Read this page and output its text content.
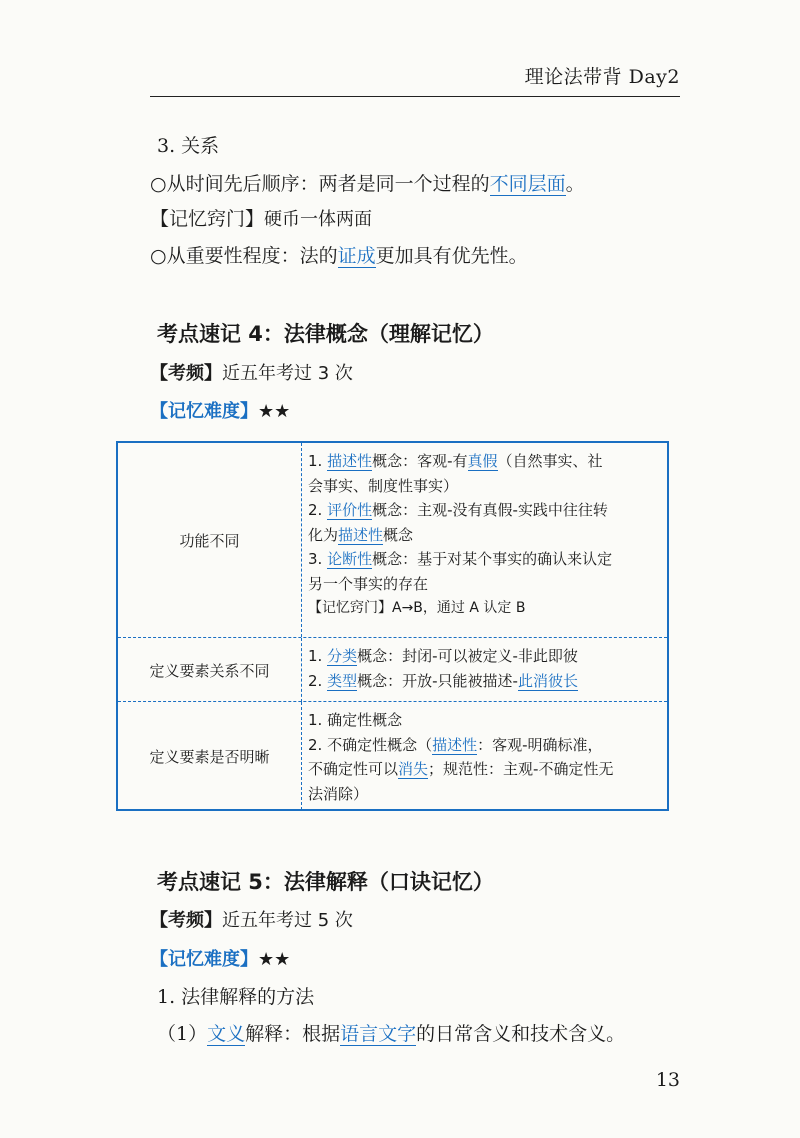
理论法带背 Day2
3. 关系
○从时间先后顺序：两者是同一个过程的不同层面。
【记忆窍门】硬币一体两面
○从重要性程度：法的证成更加具有优先性。
考点速记 4：法律概念（理解记忆）
【考频】近五年考过 3 次
【记忆难度】★★
功能不同
1. 描述性概念：客观-有真假（自然事实、社
会事实、制度性事实）
2. 评价性概念：主观-没有真假-实践中往往转
化为描述性概念
3. 论断性概念：基于对某个事实的确认来认定
另一个事实的存在
【记忆窍门】A→B，通过 A 认定 B
定义要素关系不同
1. 分类概念：封闭-可以被定义-非此即彼
2. 类型概念：开放-只能被描述-此消彼长
定义要素是否明晰
1. 确定性概念
2. 不确定性概念（描述性：客观-明确标准，
不确定性可以消失；规范性：主观-不确定性无
法消除）
考点速记 5：法律解释（口诀记忆）
【考频】近五年考过 5 次
【记忆难度】★★
1. 法律解释的方法
（1）文义解释：根据语言文字的日常含义和技术含义。
13
